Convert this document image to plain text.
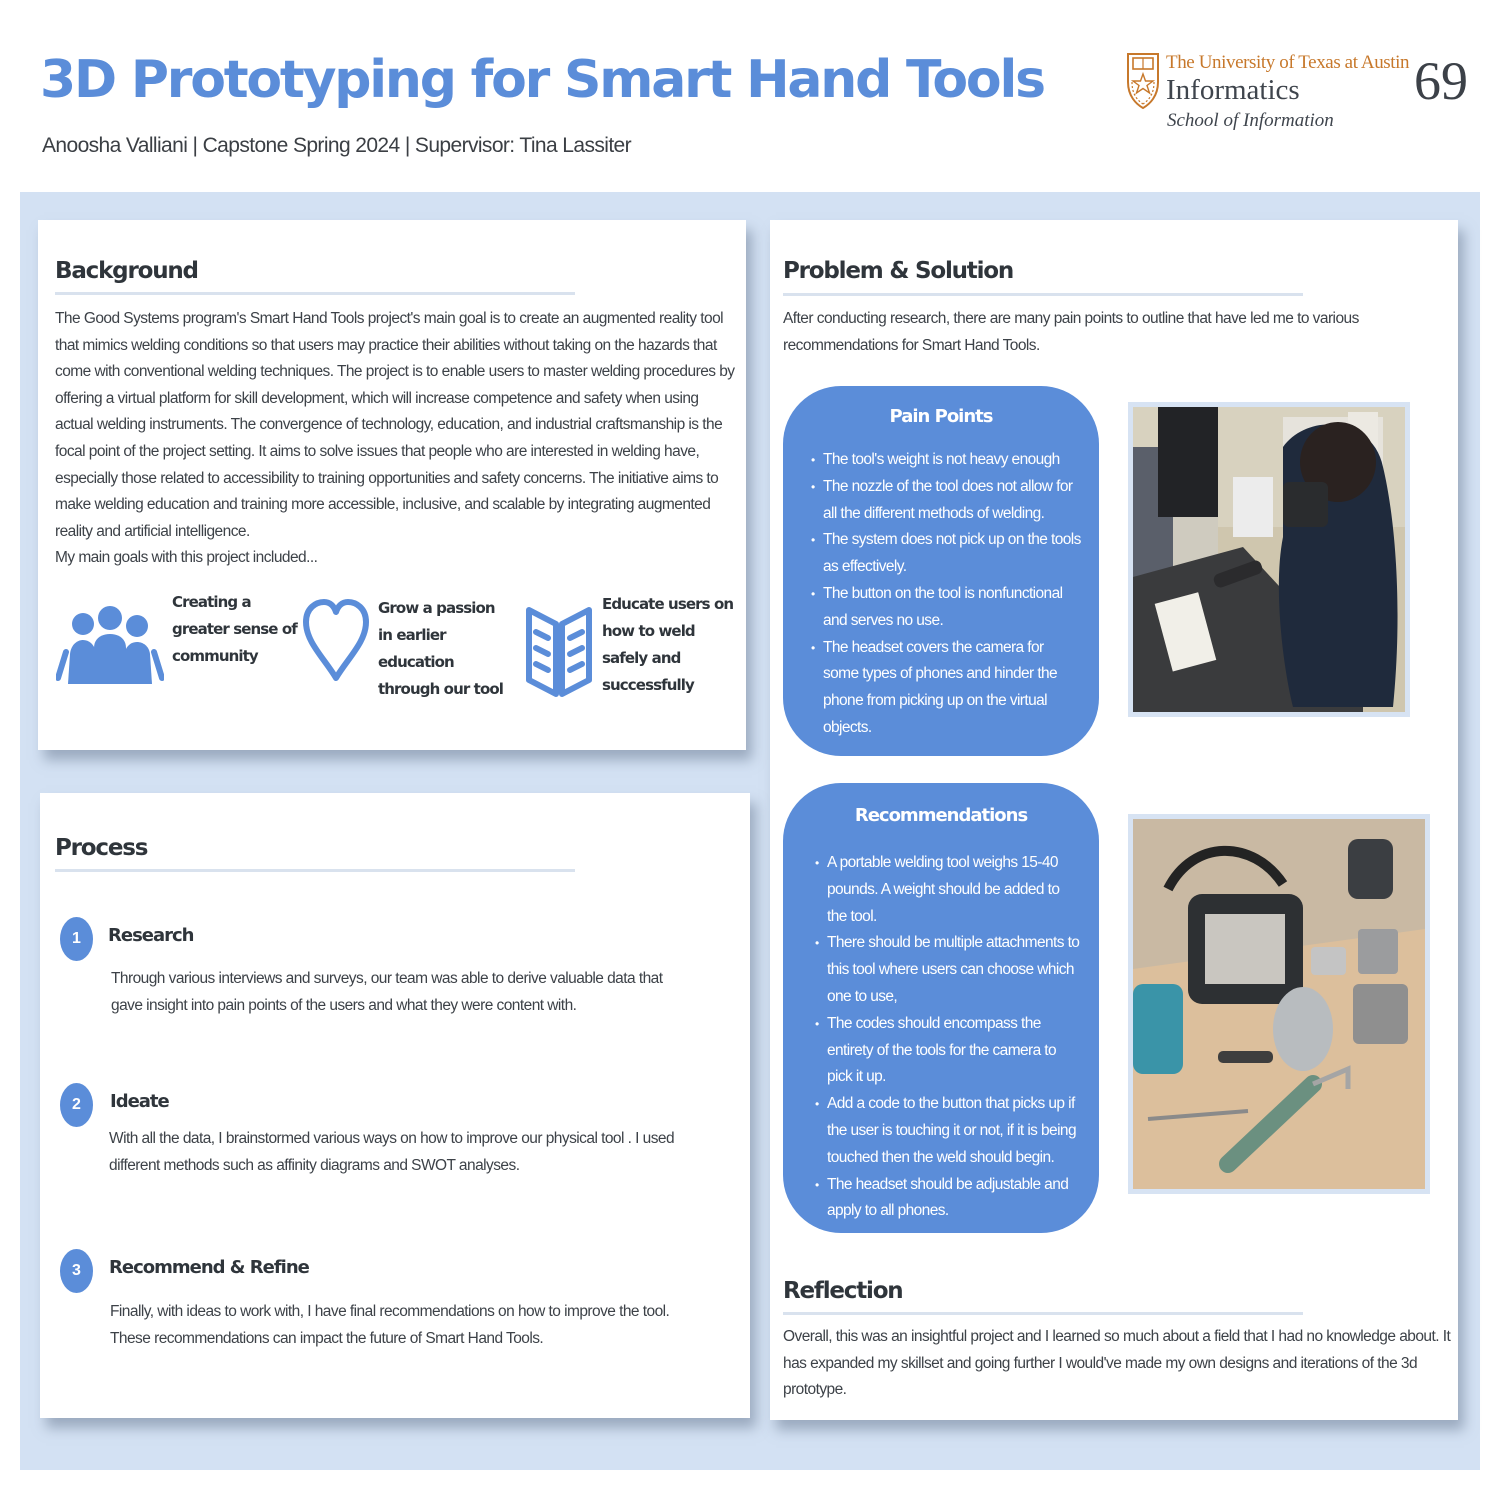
3D Prototyping for Smart Hand Tools
Anoosha Valliani | Capstone Spring 2024 | Supervisor: Tina Lassiter
The University of Texas at Austin
Informatics
School of Information
69
Background
The Good Systems program's Smart Hand Tools project's main goal is to create an augmented reality tool that mimics welding conditions so that users may practice their abilities without taking on the hazards that come with conventional welding techniques. The project is to enable users to master welding procedures by offering a virtual platform for skill development, which will increase competence and safety when using actual welding instruments. The convergence of technology, education, and industrial craftsmanship is the focal point of the project setting. It aims to solve issues that people who are interested in welding have, especially those related to accessibility to training opportunities and safety concerns. The initiative aims to make welding education and training more accessible, inclusive, and scalable by integrating augmented reality and artificial intelligence.
My main goals with this project included...
Creating a greater sense of community
Grow a passion in earlier education through our tool
Educate users on how to weld safely and successfully
Process
1	Research
Through various interviews and surveys, our team was able to derive valuable data that gave insight into pain points of the users and what they were content with.
2	Ideate
With all the data, I brainstormed various ways on how to improve our physical tool . I used different methods such as affinity diagrams and SWOT analyses.
3	Recommend & Refine
Finally, with ideas to work with, I have final recommendations on how to improve the tool. These recommendations can impact the future of Smart Hand Tools.
Problem & Solution
After conducting research, there are many pain points to outline that have led me to various recommendations for Smart Hand Tools.
Pain Points
• The tool's weight is not heavy enough
• The nozzle of the tool does not allow for all the different methods of welding.
• The system does not pick up on the tools as effectively.
• The button on the tool is nonfunctional and serves no use.
• The headset covers the camera for some types of phones and hinder the phone from picking up on the virtual objects.
Recommendations
• A portable welding tool weighs 15-40 pounds. A weight should be added to the tool.
• There should be multiple attachments to this tool where users can choose which one to use,
• The codes should encompass the entirety of the tools for the camera to pick it up.
• Add a code to the button that picks up if the user is touching it or not, if it is being touched then the weld should begin.
• The headset should be adjustable and apply to all phones.
Reflection
Overall, this was an insightful project and I learned so much about a field that I had no knowledge about. It has expanded my skillset and going further I would've made my own designs and iterations of the 3d prototype.
